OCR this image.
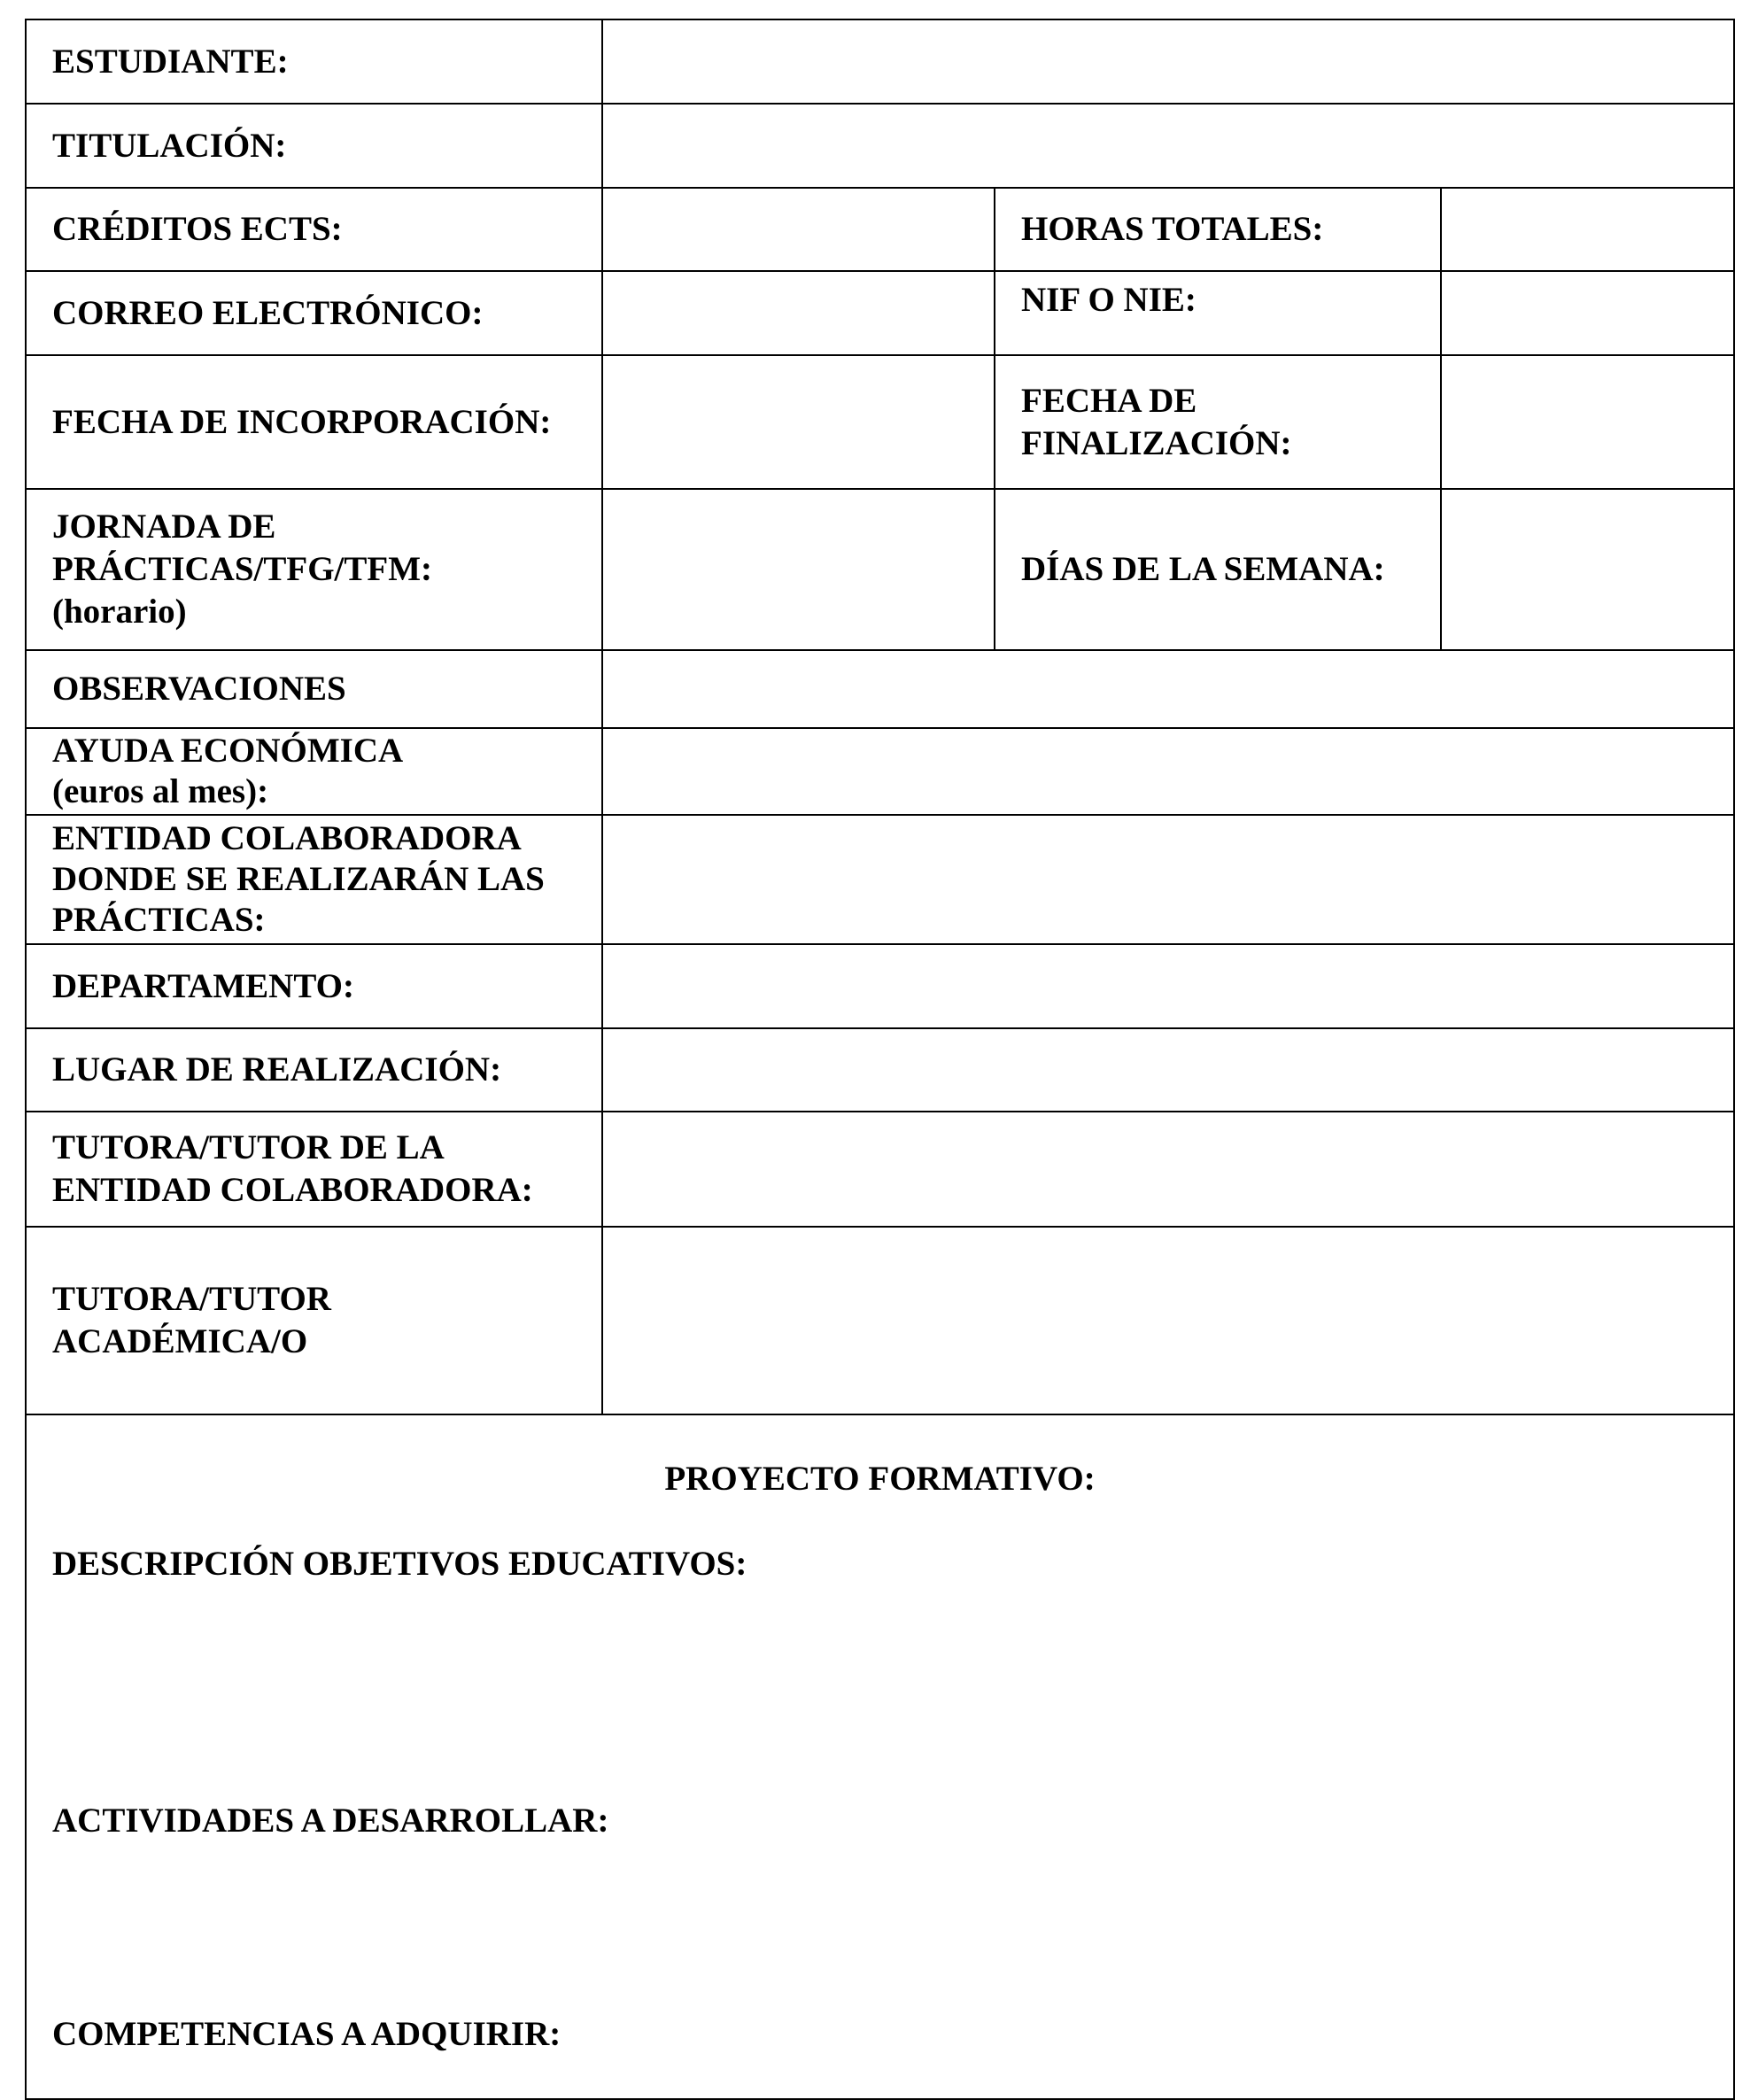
ESTUDIANTE:			
TITULACIÓN:			
CRÉDITOS ECTS:		HORAS TOTALES:	
CORREO ELECTRÓNICO:		NIF O NIE:	
FECHA DE INCORPORACIÓN:		FECHA DE
FINALIZACIÓN:	
JORNADA DE
PRÁCTICAS/TFG/TFM:
(horario)		DÍAS DE LA SEMANA:	
OBSERVACIONES			
AYUDA ECONÓMICA
(euros al mes):			
ENTIDAD COLABORADORA
DONDE SE REALIZARÁN LAS
PRÁCTICAS:			
DEPARTAMENTO:			
LUGAR DE REALIZACIÓN:			
TUTORA/TUTOR DE LA
ENTIDAD COLABORADORA:			
TUTORA/TUTOR
ACADÉMICA/O			

PROYECTO FORMATIVO:

DESCRIPCIÓN OBJETIVOS EDUCATIVOS:

ACTIVIDADES A DESARROLLAR:

COMPETENCIAS A ADQUIRIR:			
